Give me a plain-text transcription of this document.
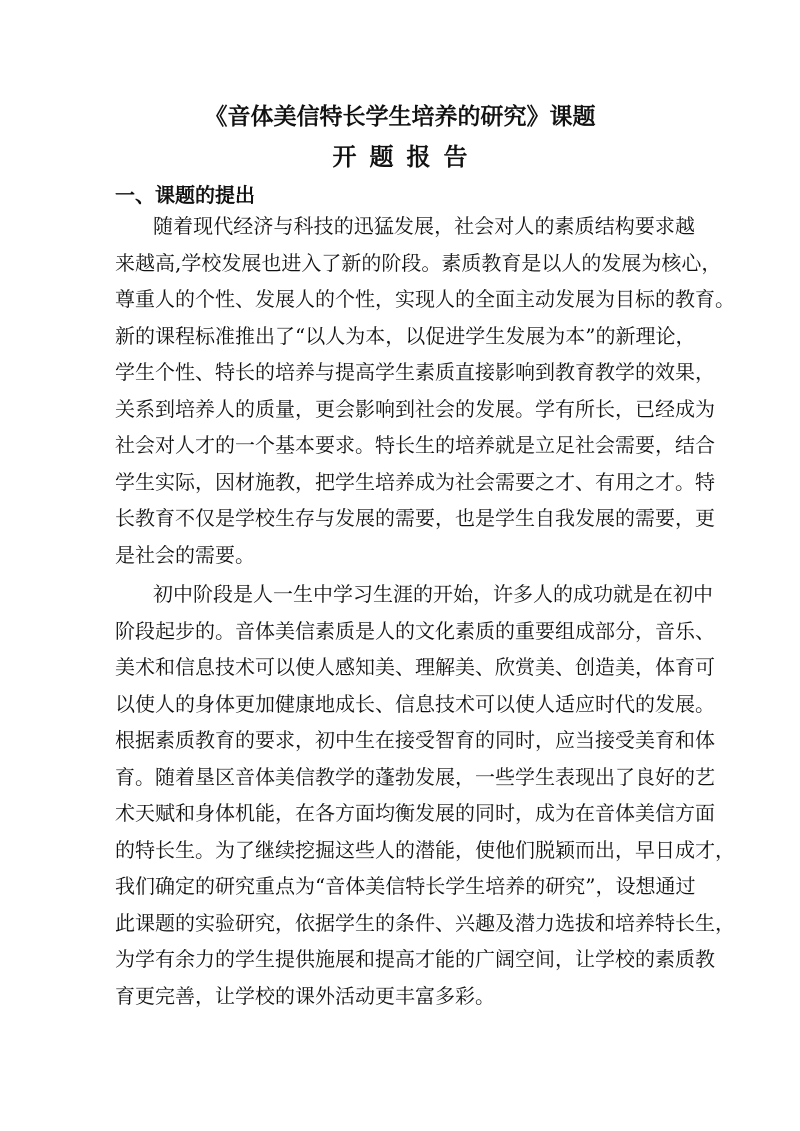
《音体美信特长学生培养的研究》课题
开题报告
一、课题的提出
随着现代经济与科技的迅猛发展，社会对人的素质结构要求越
来越高,学校发展也进入了新的阶段。素质教育是以人的发展为核心，
尊重人的个性、发展人的个性，实现人的全面主动发展为目标的教育。
新的课程标准推出了“以人为本，以促进学生发展为本”的新理论，
学生个性、特长的培养与提高学生素质直接影响到教育教学的效果，
关系到培养人的质量，更会影响到社会的发展。学有所长，已经成为
社会对人才的一个基本要求。特长生的培养就是立足社会需要，结合
学生实际，因材施教，把学生培养成为社会需要之才、有用之才。特
长教育不仅是学校生存与发展的需要，也是学生自我发展的需要，更
是社会的需要。
初中阶段是人一生中学习生涯的开始，许多人的成功就是在初中
阶段起步的。音体美信素质是人的文化素质的重要组成部分，音乐、
美术和信息技术可以使人感知美、理解美、欣赏美、创造美，体育可
以使人的身体更加健康地成长、信息技术可以使人适应时代的发展。
根据素质教育的要求，初中生在接受智育的同时，应当接受美育和体
育。随着垦区音体美信教学的蓬勃发展，一些学生表现出了良好的艺
术天赋和身体机能，在各方面均衡发展的同时，成为在音体美信方面
的特长生。为了继续挖掘这些人的潜能，使他们脱颖而出，早日成才，
我们确定的研究重点为“音体美信特长学生培养的研究”，设想通过
此课题的实验研究，依据学生的条件、兴趣及潜力选拔和培养特长生，
为学有余力的学生提供施展和提高才能的广阔空间，让学校的素质教
育更完善，让学校的课外活动更丰富多彩。
